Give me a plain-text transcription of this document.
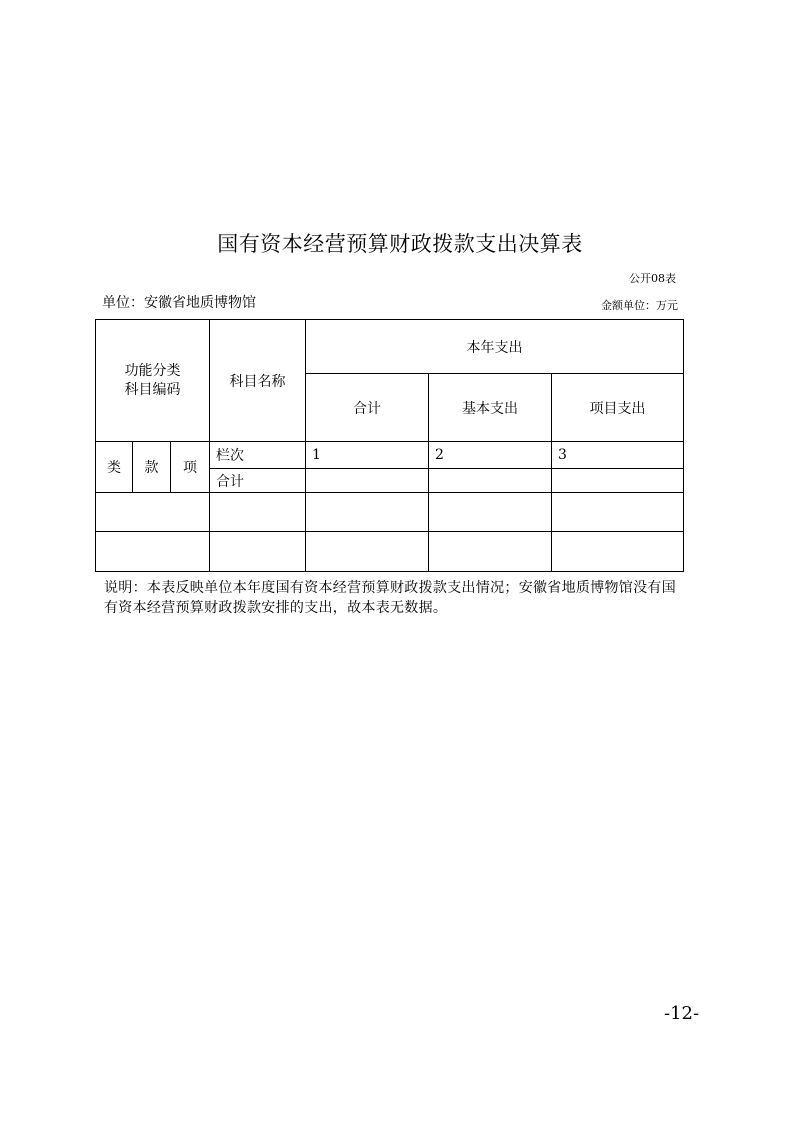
国有资本经营预算财政拨款支出决算表
公开08表
单位：安徽省地质博物馆	金额单位：万元
功能分类
科目编码			科目名称	本年支出		
				合计	基本支出	项目支出
类	款	项	栏次	1	2	3
			合计			

说明：本表反映单位本年度国有资本经营预算财政拨款支出情况；安徽省地质博物馆没有国有资本经营预算财政拨款安排的支出，故本表无数据。
-12-
